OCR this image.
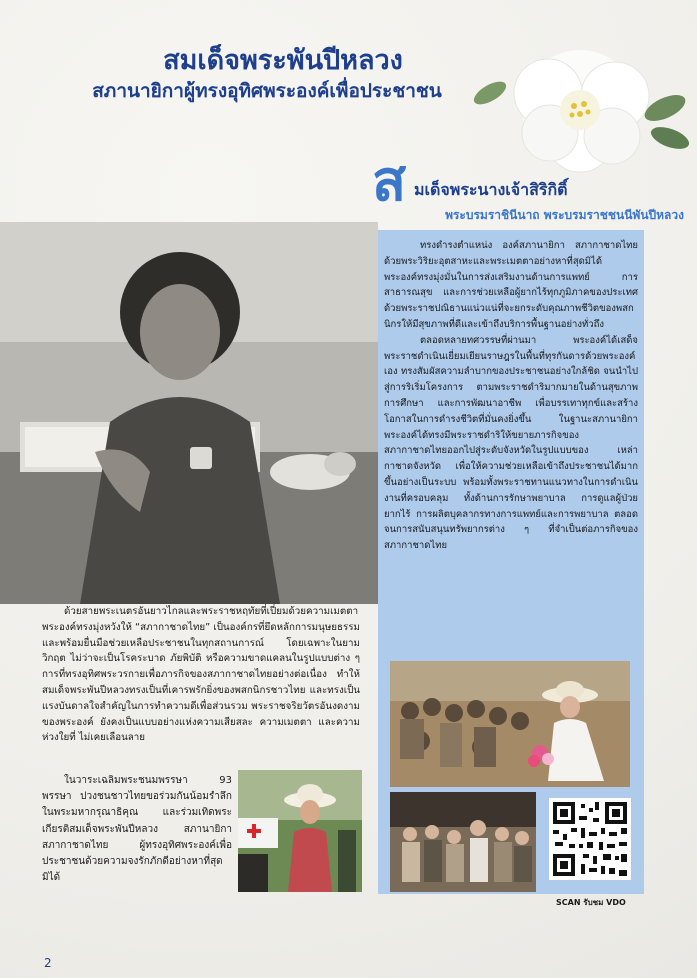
สมเด็จพระพันปีหลวง
สภานายิกาผู้ทรงอุทิศพระองค์เพื่อประชาชน
ส มเด็จพระนางเจ้าสิริกิติ์
พระบรมราชินีนาถ พระบรมราชชนนีพันปีหลวง

ทรงดำรงตำแหน่ง องค์สภานายิกา สภากาชาดไทย ด้วยพระวิริยะอุตสาหะและพระเมตตาอย่างหาที่สุดมิได้ พระองค์ทรงมุ่งมั่นในการส่งเสริมงานด้านการแพทย์ การสาธารณสุข และการช่วยเหลือผู้ยากไร้ทุกภูมิภาคของประเทศ ด้วยพระราชปณิธานแน่วแน่ที่จะยกระดับคุณภาพชีวิตของพสกนิกรให้มีสุขภาพที่ดีและเข้าถึงบริการพื้นฐานอย่างทั่วถึง

ตลอดหลายทศวรรษที่ผ่านมา พระองค์ได้เสด็จพระราชดำเนินเยี่ยมเยียนราษฎรในพื้นที่ทุรกันดารด้วยพระองค์เอง ทรงสัมผัสความลำบากของประชาชนอย่างใกล้ชิด จนนำไปสู่การริเริ่มโครงการ ตามพระราชดำริมากมายในด้านสุขภาพ การศึกษา และการพัฒนาอาชีพ เพื่อบรรเทาทุกข์และสร้างโอกาสในการดำรงชีวิตที่มั่นคงยิ่งขึ้น ในฐานะสภานายิกา พระองค์ได้ทรงมีพระราชดำริให้ขยายภารกิจของสภากาชาดไทยออกไปสู่ระดับจังหวัดในรูปแบบของ เหล่ากาชาดจังหวัด เพื่อให้ความช่วยเหลือเข้าถึงประชาชนได้มากขึ้นอย่างเป็นระบบ พร้อมทั้งพระราชทานแนวทางในการดำเนินงานที่ครอบคลุม ทั้งด้านการรักษาพยาบาล การดูแลผู้ป่วยยากไร้ การผลิตบุคลากรทางการแพทย์และการพยาบาล ตลอดจนการสนับสนุนทรัพยากรต่าง ๆ ที่จำเป็นต่อภารกิจของสภากาชาดไทย

ด้วยสายพระเนตรอันยาวไกลและพระราชหฤทัยที่เปี่ยมด้วยความเมตตา พระองค์ทรงมุ่งหวังให้ “สภากาชาดไทย” เป็นองค์กรที่ยึดหลักการมนุษยธรรม และพร้อมยื่นมือช่วยเหลือประชาชนในทุกสถานการณ์ โดยเฉพาะในยามวิกฤต ไม่ว่าจะเป็นโรคระบาด ภัยพิบัติ หรือความขาดแคลนในรูปแบบต่าง ๆ การที่ทรงอุทิศพระวรกายเพื่อภารกิจของสภากาชาดไทยอย่างต่อเนื่อง ทำให้สมเด็จพระพันปีหลวงทรงเป็นที่เคารพรักยิ่งของพสกนิกรชาวไทย และทรงเป็นแรงบันดาลใจสำคัญในการทำความดีเพื่อส่วนรวม พระราชจริยวัตรอันงดงามของพระองค์ ยังคงเป็นแบบอย่างแห่งความเสียสละ ความเมตตา และความห่วงใยที่ ไม่เคยเลือนลาย

ในวาระเฉลิมพระชนมพรรษา 93 พรรษา ปวงชนชาวไทยขอร่วมกันน้อมรำลึกในพระมหากรุณาธิคุณ และร่วมเทิดพระเกียรติสมเด็จพระพันปีหลวง สภานายิกาสภากาชาดไทย ผู้ทรงอุทิศพระองค์เพื่อประชาชนด้วยความจงรักภักดีอย่างหาที่สุดมิได้

SCAN รับชม VDO
2
